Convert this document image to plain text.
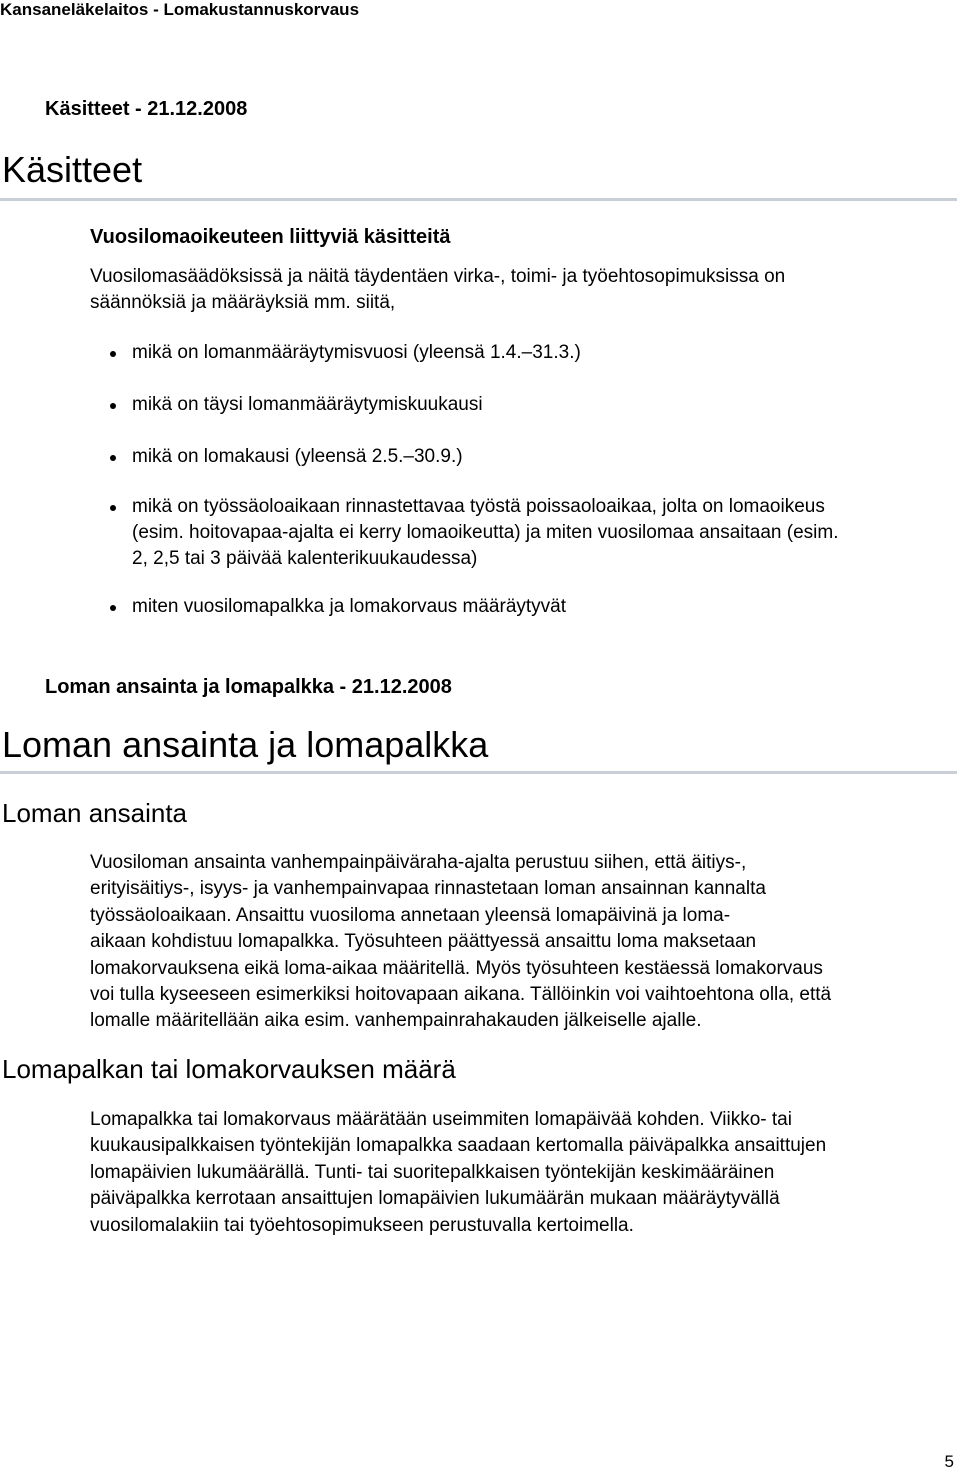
Kansaneläkelaitos - Lomakustannuskorvaus
Käsitteet - 21.12.2008
Käsitteet
Vuosilomaoikeuteen liittyviä käsitteitä
Vuosilomasäädöksissä ja näitä täydentäen virka-, toimi- ja työehtosopimuksissa on
säännöksiä ja määräyksiä mm. siitä,
mikä on lomanmääräytymisvuosi (yleensä 1.4.–31.3.)
mikä on täysi lomanmääräytymiskuukausi
mikä on lomakausi (yleensä 2.5.–30.9.)
mikä on työssäoloaikaan rinnastettavaa työstä poissaoloaikaa, jolta on lomaoikeus
(esim. hoitovapaa-ajalta ei kerry lomaoikeutta) ja miten vuosilomaa ansaitaan (esim.
2, 2,5 tai 3 päivää kalenterikuukaudessa)
miten vuosilomapalkka ja lomakorvaus määräytyvät
Loman ansainta ja lomapalkka - 21.12.2008
Loman ansainta ja lomapalkka
Loman ansainta
Vuosiloman ansainta vanhempainpäiväraha-ajalta perustuu siihen, että äitiys-,
erityisäitiys-, isyys- ja vanhempainvapaa rinnastetaan loman ansainnan kannalta
työssäoloaikaan. Ansaittu vuosiloma annetaan yleensä lomapäivinä ja loma-
aikaan kohdistuu lomapalkka. Työsuhteen päättyessä ansaittu loma maksetaan
lomakorvauksena eikä loma-aikaa määritellä. Myös työsuhteen kestäessä lomakorvaus
voi tulla kyseeseen esimerkiksi hoitovapaan aikana. Tällöinkin voi vaihtoehtona olla, että
lomalle määritellään aika esim. vanhempainrahakauden jälkeiselle ajalle.
Lomapalkan tai lomakorvauksen määrä
Lomapalkka tai lomakorvaus määrätään useimmiten lomapäivää kohden. Viikko- tai
kuukausipalkkaisen työntekijän lomapalkka saadaan kertomalla päiväpalkka ansaittujen
lomapäivien lukumäärällä. Tunti- tai suoritepalkkaisen työntekijän keskimääräinen
päiväpalkka kerrotaan ansaittujen lomapäivien lukumäärän mukaan määräytyvällä
vuosilomalakiin tai työehtosopimukseen perustuvalla kertoimella.
5
